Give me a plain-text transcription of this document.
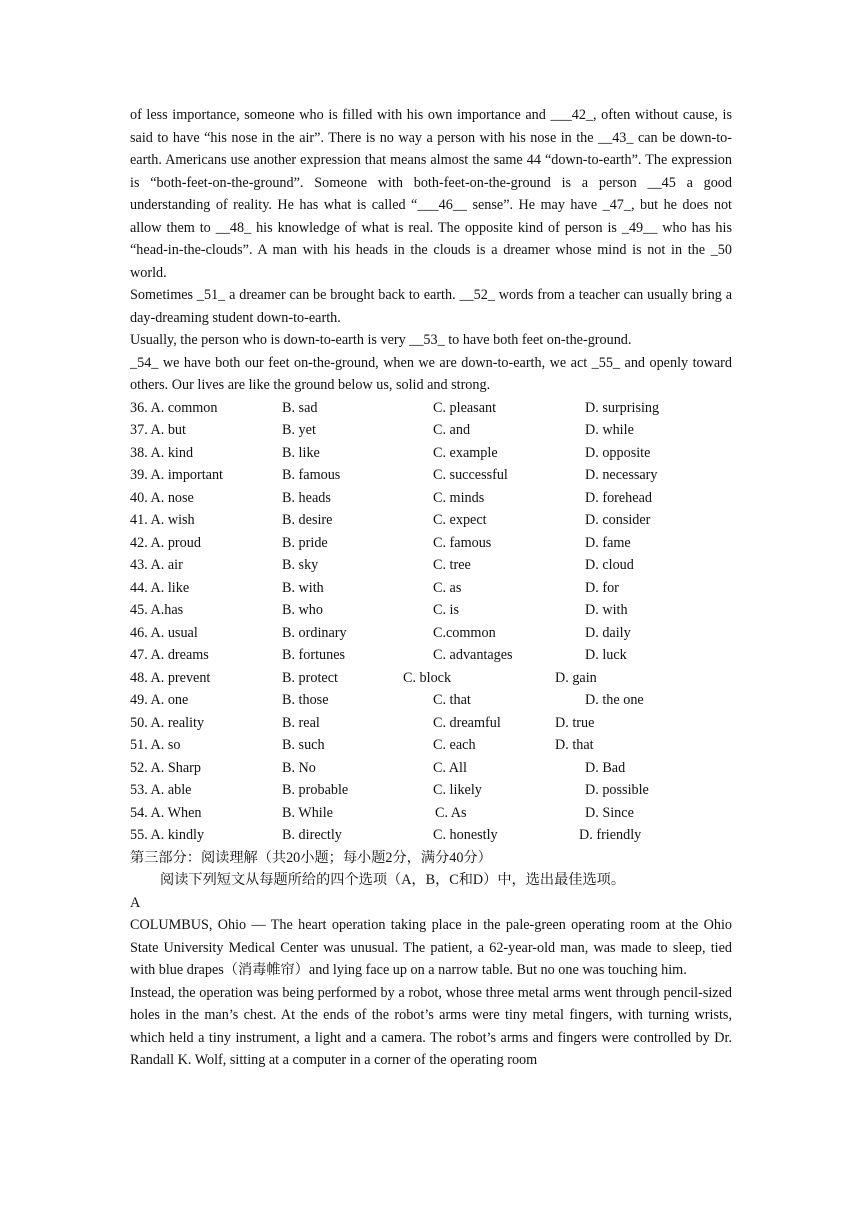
of less importance, someone who is filled with his own importance and ___42_, often without cause, is said to have “his nose in the air”. There is no way a person with his nose in the __43_ can be down-to-earth. Americans use another expression that means almost the same 44 “down-to-earth”. The expression is “both-feet-on-the-ground”. Someone with both-feet-on-the-ground is a person __45 a good understanding of reality. He has what is called “___46__ sense”. He may have _47_, but he does not allow them to __48_ his knowledge of what is real. The opposite kind of person is _49__ who has his “head-in-the-clouds”. A man with his heads in the clouds is a dreamer whose mind is not in the _50 world.

Sometimes _51_ a dreamer can be brought back to earth. __52_ words from a teacher can usually bring a day-dreaming student down-to-earth.

Usually, the person who is down-to-earth is very __53_ to have both feet on-the-ground.

_54_ we have both our feet on-the-ground, when we are down-to-earth, we act _55_ and openly toward others. Our lives are like the ground below us, solid and strong.

36. A. common	B. sad	C. pleasant	D. surprising
37. A. but	B. yet	C. and	D. while
38. A. kind	B. like	C. example	D. opposite
39. A. important	B. famous	C. successful	D. necessary
40. A. nose	B. heads	C. minds	D. forehead
41. A. wish	B. desire	C. expect	D. consider
42. A. proud	B. pride	C. famous	D. fame
43. A. air	B. sky	C. tree	D. cloud
44. A. like	B. with	C. as	D. for
45. A.has	B. who	C. is	D. with
46. A. usual	B. ordinary	C.common	D. daily
47. A. dreams	B. fortunes	C. advantages	D. luck
48. A. prevent	B. protect	C. block	D. gain
49. A. one	B. those	C. that	D. the one
50. A. reality	B. real	C. dreamful	D. true
51. A. so	B. such	C. each	D. that
52. A. Sharp	B. No	C. All	D. Bad
53. A. able	B. probable	C. likely	D. possible
54. A. When	B. While	C. As	D. Since
55. A. kindly	B. directly	C. honestly	D. friendly

第三部分：阅读理解（共20小题；每小题2分，满分40分）

阅读下列短文从每题所给的四个选项（A，B，C和D）中，选出最佳选项。

A

COLUMBUS, Ohio — The heart operation taking place in the pale-green operating room at the Ohio State University Medical Center was unusual. The patient, a 62-year-old man, was made to sleep, tied with blue drapes（消毒帷帘）and lying face up on a narrow table. But no one was touching him.

Instead, the operation was being performed by a robot, whose three metal arms went through pencil-sized holes in the man’s chest. At the ends of the robot’s arms were tiny metal fingers, with turning wrists, which held a tiny instrument, a light and a camera. The robot’s arms and fingers were controlled by Dr. Randall K. Wolf, sitting at a computer in a corner of the operating room
